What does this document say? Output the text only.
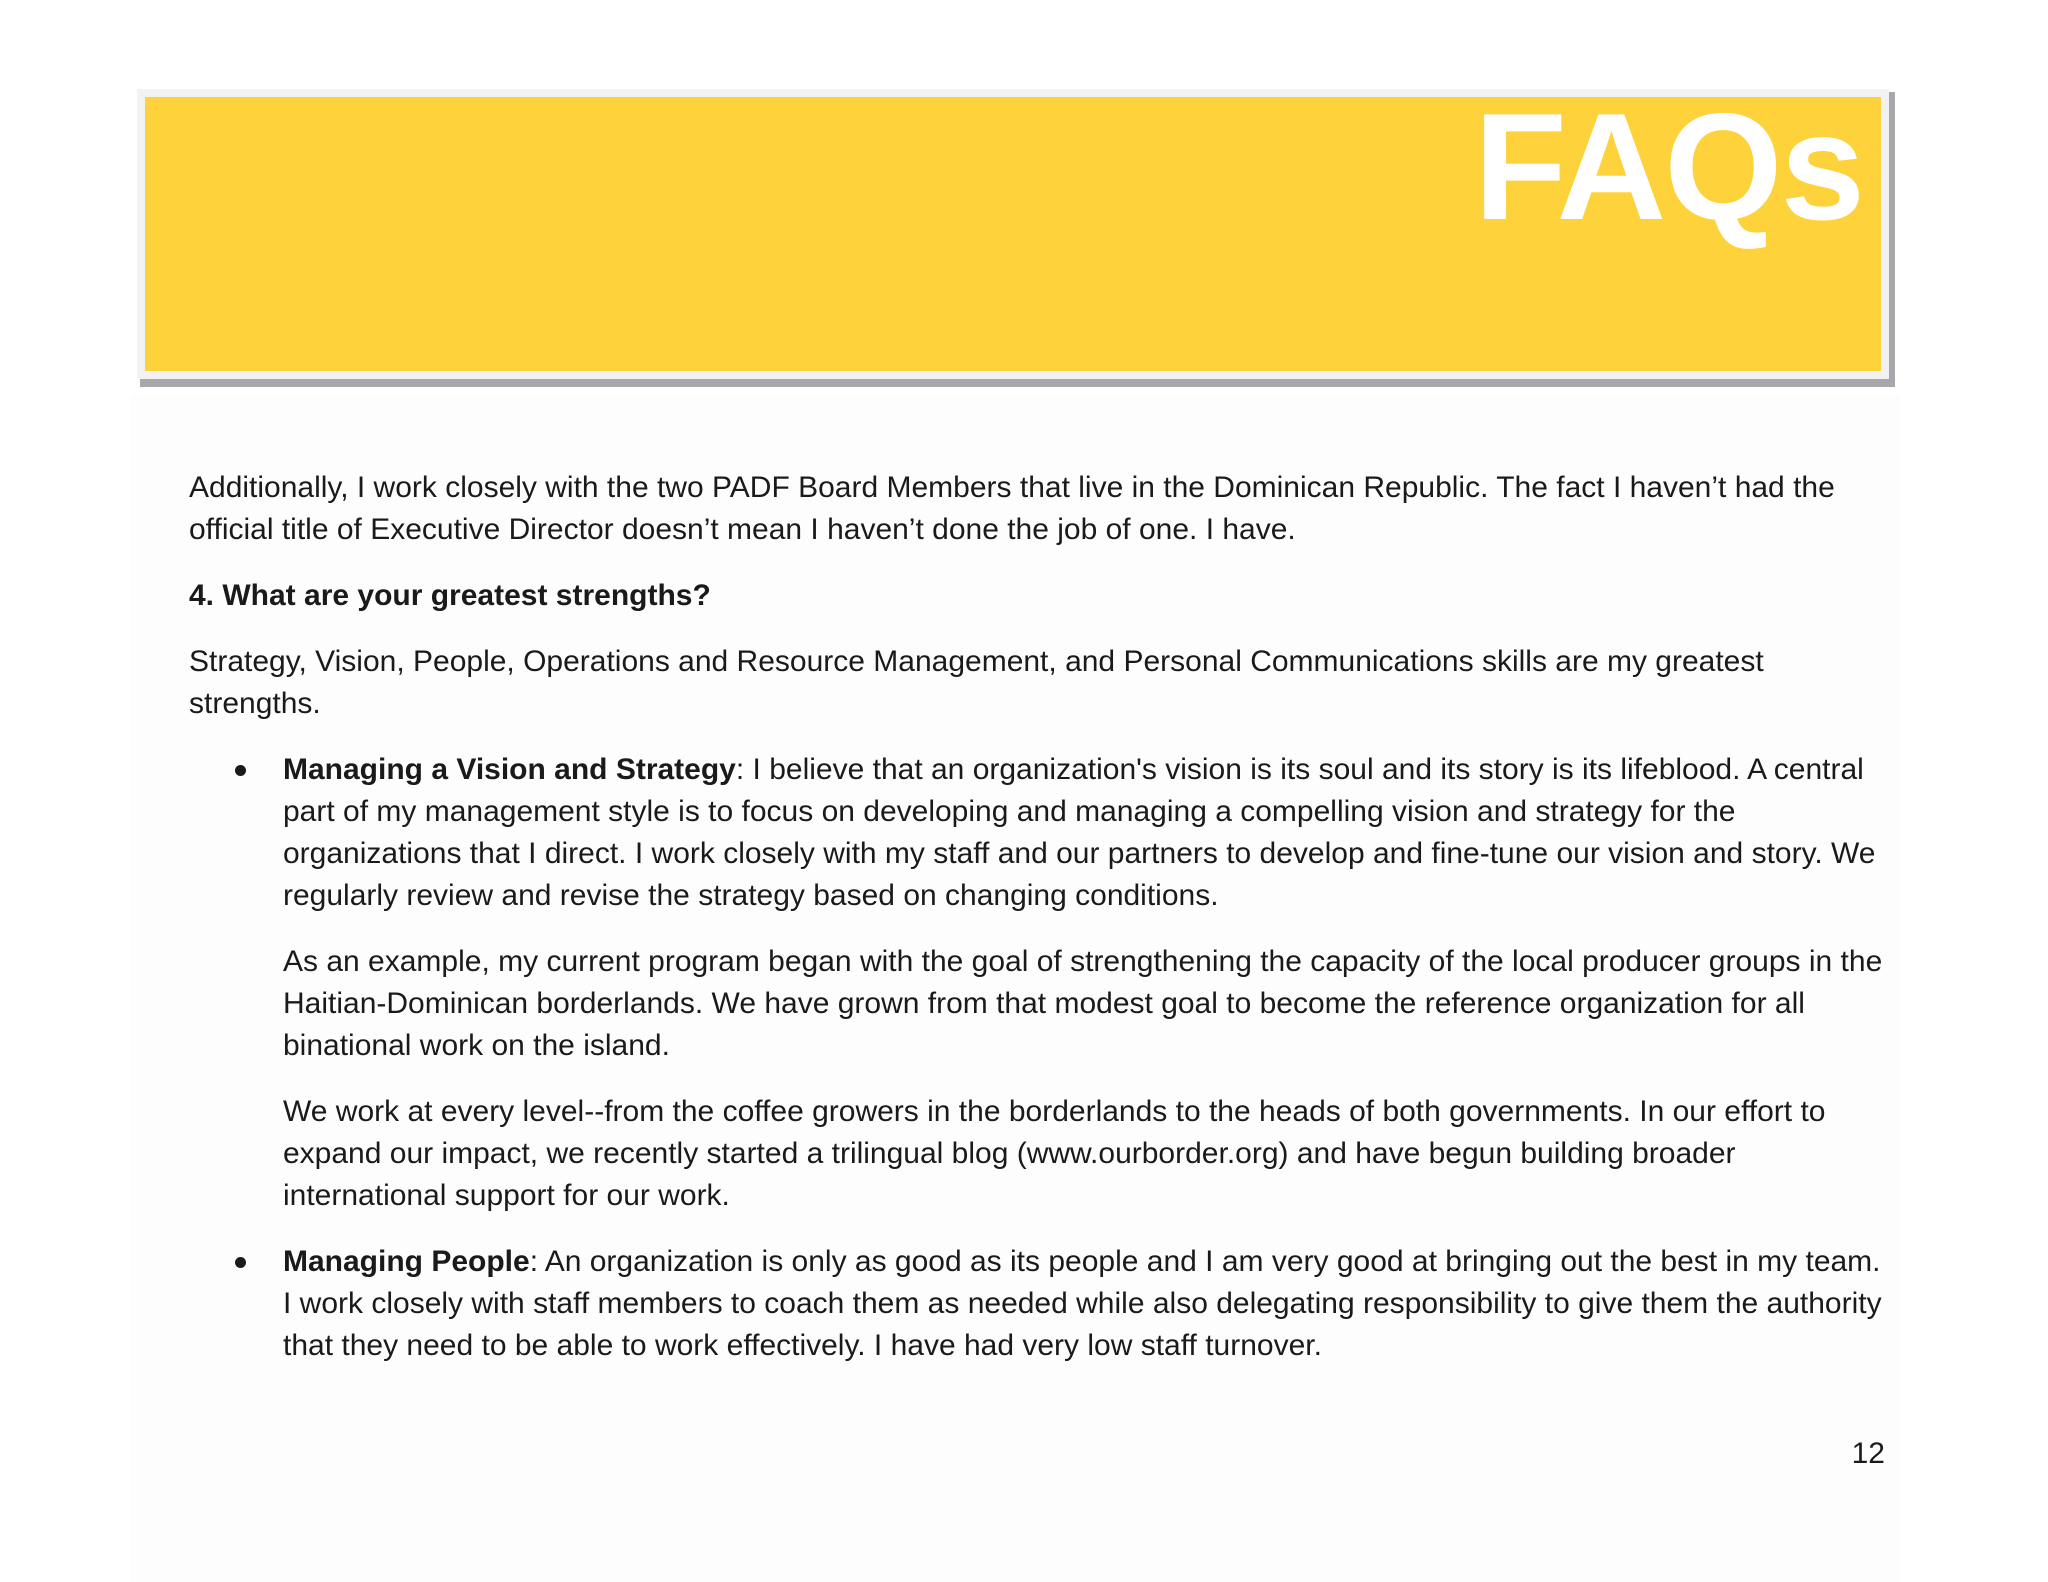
FAQs

Additionally, I work closely with the two PADF Board Members that live in the Dominican Republic. The fact I haven’t had the official title of Executive Director doesn’t mean I haven’t done the job of one. I have.

4. What are your greatest strengths?

Strategy, Vision, People, Operations and Resource Management, and Personal Communications skills are my greatest strengths.

Managing a Vision and Strategy: I believe that an organization's vision is its soul and its story is its lifeblood. A central part of my management style is to focus on developing and managing a compelling vision and strategy for the organizations that I direct. I work closely with my staff and our partners to develop and fine-tune our vision and story. We regularly review and revise the strategy based on changing conditions.

As an example, my current program began with the goal of strengthening the capacity of the local producer groups in the Haitian-Dominican borderlands. We have grown from that modest goal to become the reference organization for all binational work on the island.

We work at every level--from the coffee growers in the borderlands to the heads of both governments. In our effort to expand our impact, we recently started a trilingual blog (www.ourborder.org) and have begun building broader international support for our work.

Managing People: An organization is only as good as its people and I am very good at bringing out the best in my team. I work closely with staff members to coach them as needed while also delegating responsibility to give them the authority that they need to be able to work effectively. I have had very low staff turnover.

12
